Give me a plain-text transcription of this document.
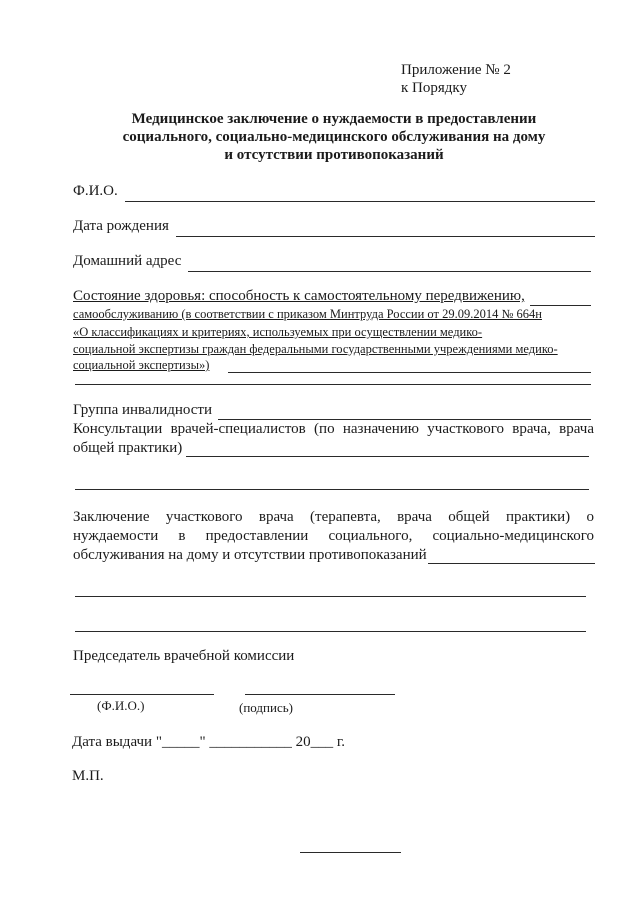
Приложение № 2
к Порядку
Медицинское заключение о нуждаемости в предоставлении
социального, социально-медицинского обслуживания на дому
и отсутствии противопоказаний
Ф.И.О.
Дата рождения
Домашний адрес
Состояние здоровья: способность к самостоятельному передвижению,
самообслуживанию (в соответствии с приказом Минтруда России от 29.09.2014 № 664н
«О классификациях и критериях, используемых при осуществлении медико-
социальной экспертизы граждан федеральными государственными учреждениями медико-
социальной экспертизы»)
Группа инвалидности
Консультации врачей-специалистов (по назначению участкового врача, врача
общей практики)
Заключение участкового врача (терапевта, врача общей практики) о
нуждаемости в предоставлении социального, социально-медицинского
обслуживания на дому и отсутствии противопоказаний
Председатель врачебной комиссии
(Ф.И.О.)	(подпись)
Дата выдачи "_____" ___________ 20___ г.
М.П.
